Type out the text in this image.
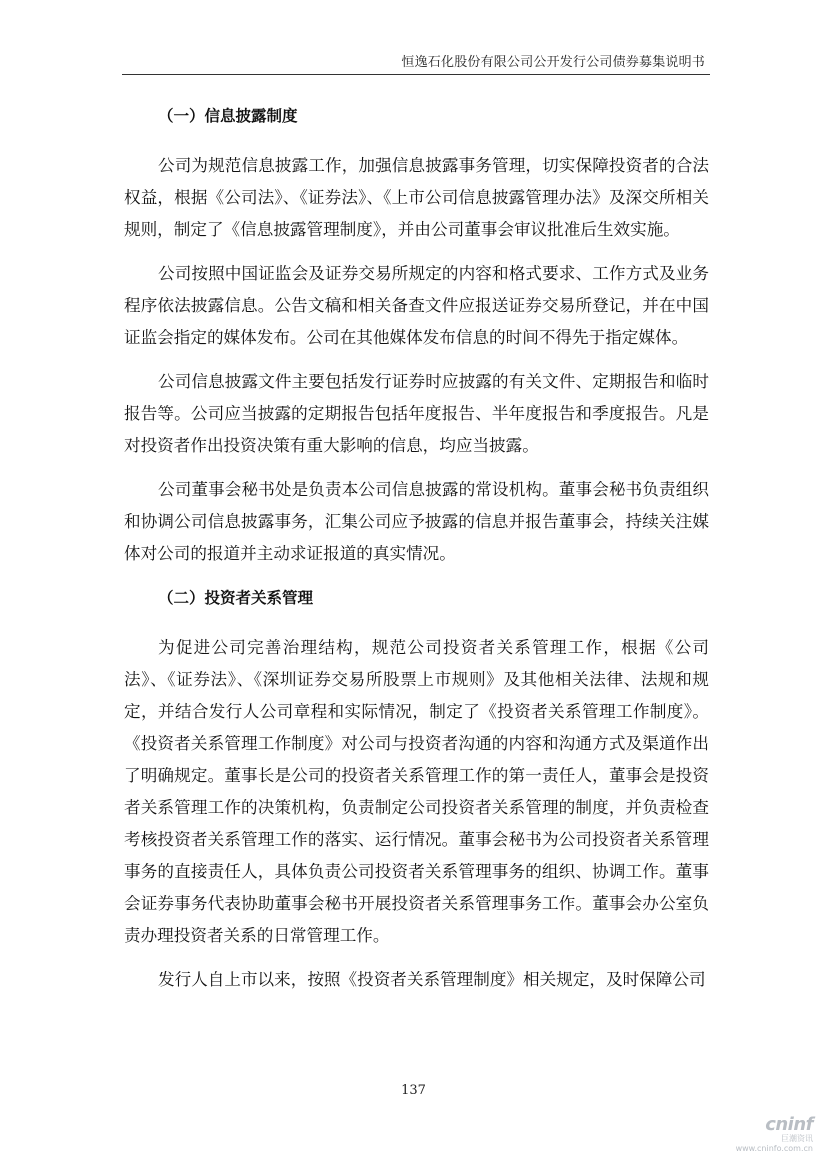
恒逸石化股份有限公司公开发行公司债券募集说明书
（一）信息披露制度

公司为规范信息披露工作，加强信息披露事务管理，切实保障投资者的合法权益，根据《公司法》、《证券法》、《上市公司信息披露管理办法》及深交所相关规则，制定了《信息披露管理制度》，并由公司董事会审议批准后生效实施。

公司按照中国证监会及证券交易所规定的内容和格式要求、工作方式及业务程序依法披露信息。公告文稿和相关备查文件应报送证券交易所登记，并在中国证监会指定的媒体发布。公司在其他媒体发布信息的时间不得先于指定媒体。

公司信息披露文件主要包括发行证券时应披露的有关文件、定期报告和临时报告等。公司应当披露的定期报告包括年度报告、半年度报告和季度报告。凡是对投资者作出投资决策有重大影响的信息，均应当披露。

公司董事会秘书处是负责本公司信息披露的常设机构。董事会秘书负责组织和协调公司信息披露事务，汇集公司应予披露的信息并报告董事会，持续关注媒体对公司的报道并主动求证报道的真实情况。

（二）投资者关系管理

为促进公司完善治理结构，规范公司投资者关系管理工作，根据《公司法》、《证券法》、《深圳证券交易所股票上市规则》及其他相关法律、法规和规定，并结合发行人公司章程和实际情况，制定了《投资者关系管理工作制度》。《投资者关系管理工作制度》对公司与投资者沟通的内容和沟通方式及渠道作出了明确规定。董事长是公司的投资者关系管理工作的第一责任人，董事会是投资者关系管理工作的决策机构，负责制定公司投资者关系管理的制度，并负责检查考核投资者关系管理工作的落实、运行情况。董事会秘书为公司投资者关系管理事务的直接责任人，具体负责公司投资者关系管理事务的组织、协调工作。董事会证券事务代表协助董事会秘书开展投资者关系管理事务工作。董事会办公室负责办理投资者关系的日常管理工作。

发行人自上市以来，按照《投资者关系管理制度》相关规定，及时保障公司

137
cninf
巨潮资讯
www.cninfo.com.cn
